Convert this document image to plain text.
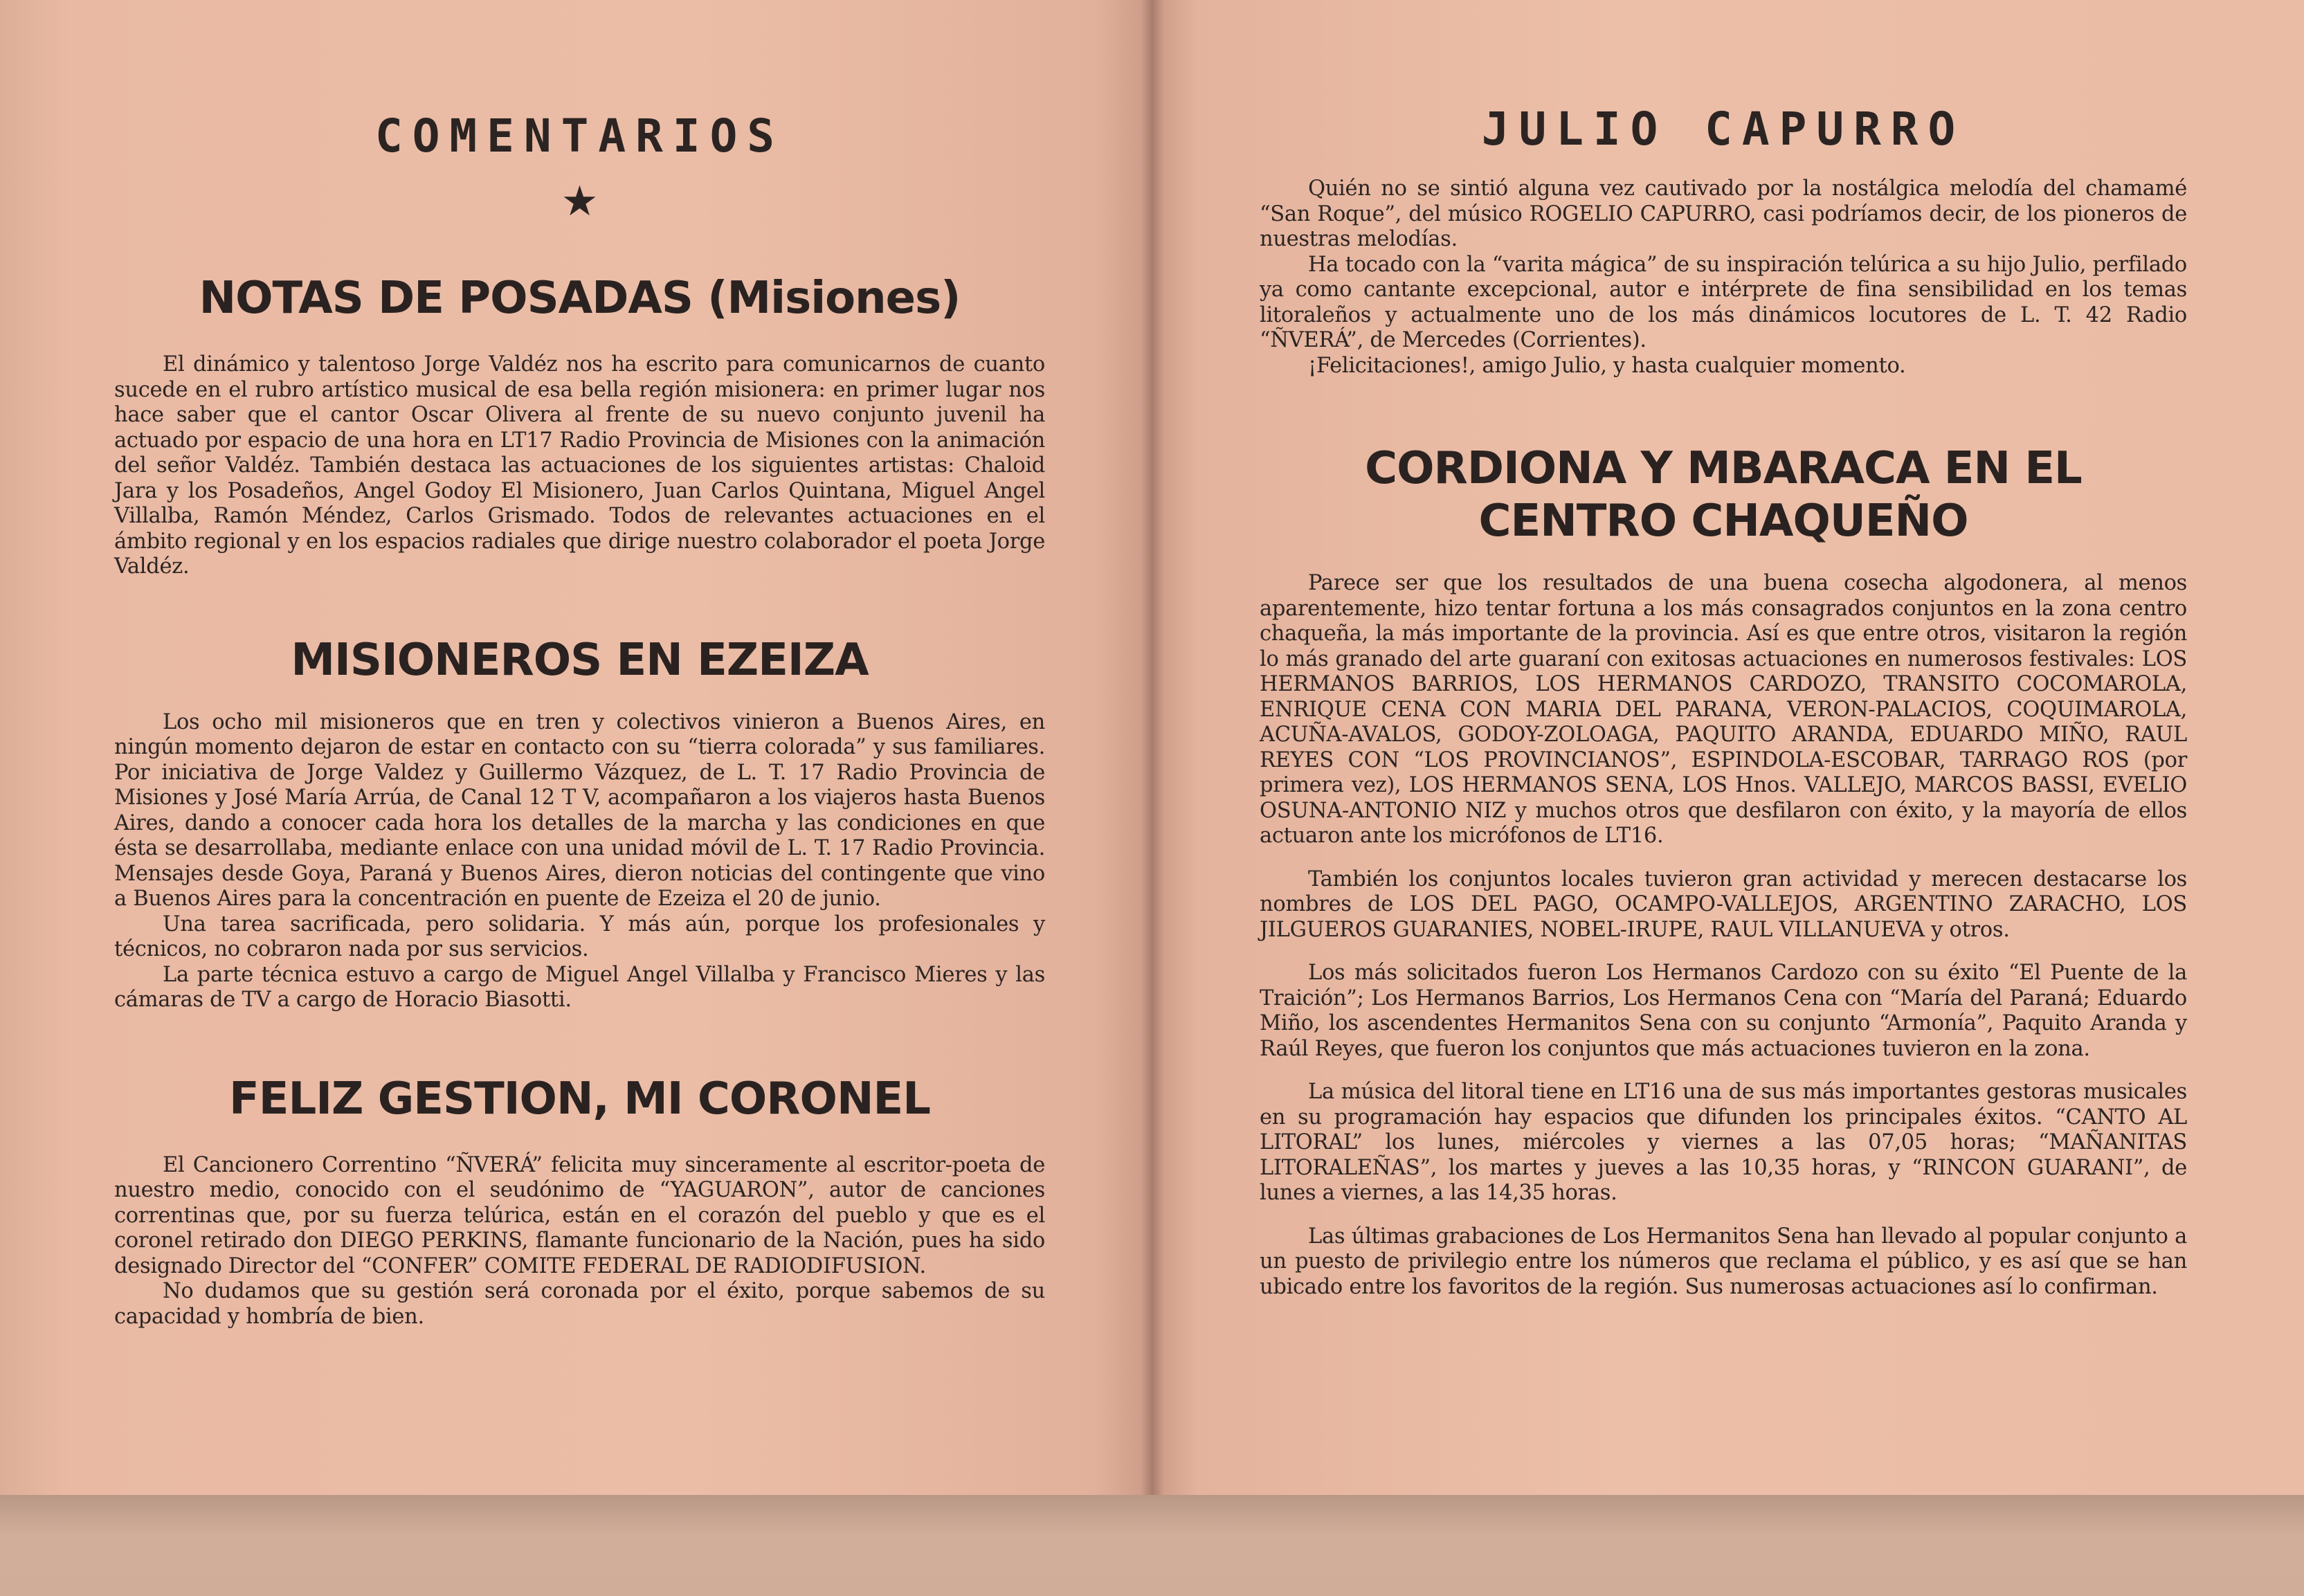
COMENTARIOS
★
NOTAS DE POSADAS (Misiones)

El dinámico y talentoso Jorge Valdéz nos ha escrito para comunicarnos de cuanto sucede en el rubro artístico musical de esa bella región misionera: en primer lugar nos hace saber que el cantor Oscar Olivera al frente de su nuevo conjunto juvenil ha actuado por espacio de una hora en LT17 Radio Provincia de Misiones con la animación del señor Valdéz. También destaca las actuaciones de los siguientes artistas: Chaloid Jara y los Posadeños, Angel Godoy El Misionero, Juan Carlos Quintana, Miguel Angel Villalba, Ramón Méndez, Carlos Grismado. Todos de relevantes actuaciones en el ámbito regional y en los espacios radiales que dirige nuestro colaborador el poeta Jorge Valdéz.

MISIONEROS EN EZEIZA

Los ocho mil misioneros que en tren y colectivos vinieron a Buenos Aires, en ningún momento dejaron de estar en contacto con su “tierra colorada” y sus familiares. Por iniciativa de Jorge Valdez y Guillermo Vázquez, de L. T. 17 Radio Provincia de Misiones y José María Arrúa, de Canal 12 T V, acompañaron a los viajeros hasta Buenos Aires, dando a conocer cada hora los detalles de la marcha y las condiciones en que ésta se desarrollaba, mediante enlace con una unidad móvil de L. T. 17 Radio Provincia. Mensajes desde Goya, Paraná y Buenos Aires, dieron noticias del contingente que vino a Buenos Aires para la concentración en puente de Ezeiza el 20 de junio.

Una tarea sacrificada, pero solidaria. Y más aún, porque los profesionales y técnicos, no cobraron nada por sus servicios.

La parte técnica estuvo a cargo de Miguel Angel Villalba y Francisco Mieres y las cámaras de TV a cargo de Horacio Biasotti.

FELIZ GESTION, MI CORONEL

El Cancionero Correntino “ÑVERÁ” felicita muy sinceramente al escritor-poeta de nuestro medio, conocido con el seudónimo de “YAGUARON”, autor de canciones correntinas que, por su fuerza telúrica, están en el corazón del pueblo y que es el coronel retirado don DIEGO PERKINS, flamante funcionario de la Nación, pues ha sido designado Director del “CONFER” COMITE FEDERAL DE RADIODIFUSION.

No dudamos que su gestión será coronada por el éxito, porque sabemos de su capacidad y hombría de bien.

JULIO CAPURRO

Quién no se sintió alguna vez cautivado por la nostálgica melodía del chamamé “San Roque”, del músico ROGELIO CAPURRO, casi podríamos decir, de los pioneros de nuestras melodías.

Ha tocado con la “varita mágica” de su inspiración telúrica a su hijo Julio, perfilado ya como cantante excepcional, autor e intérprete de fina sensibilidad en los temas litoraleños y actualmente uno de los más dinámicos locutores de L. T. 42 Radio “ÑVERÁ”, de Mercedes (Corrientes).

¡Felicitaciones!, amigo Julio, y hasta cualquier momento.

CORDIONA Y MBARACA EN EL
CENTRO CHAQUEÑO

Parece ser que los resultados de una buena cosecha algodonera, al menos aparentemente, hizo tentar fortuna a los más consagrados conjuntos en la zona centro chaqueña, la más importante de la provincia. Así es que entre otros, visitaron la región lo más granado del arte guaraní con exitosas actuaciones en numerosos festivales: LOS HERMANOS BARRIOS, LOS HERMANOS CARDOZO, TRANSITO COCOMAROLA, ENRIQUE CENA CON MARIA DEL PARANA, VERON-PALACIOS, COQUIMAROLA, ACUÑA-AVALOS, GODOY-ZOLOAGA, PAQUITO ARANDA, EDUARDO MIÑO, RAUL REYES CON “LOS PROVINCIANOS”, ESPINDOLA-ESCOBAR, TARRAGO ROS (por primera vez), LOS HERMANOS SENA, LOS Hnos. VALLEJO, MARCOS BASSI, EVELIO OSUNA-ANTONIO NIZ y muchos otros que desfilaron con éxito, y la mayoría de ellos actuaron ante los micrófonos de LT16.

También los conjuntos locales tuvieron gran actividad y merecen destacarse los nombres de LOS DEL PAGO, OCAMPO-VALLEJOS, ARGENTINO ZARACHO, LOS JILGUEROS GUARANIES, NOBEL-IRUPE, RAUL VILLANUEVA y otros.

Los más solicitados fueron Los Hermanos Cardozo con su éxito “El Puente de la Traición”; Los Hermanos Barrios, Los Hermanos Cena con “María del Paraná; Eduardo Miño, los ascendentes Hermanitos Sena con su conjunto “Armonía”, Paquito Aranda y Raúl Reyes, que fueron los conjuntos que más actuaciones tuvieron en la zona.

La música del litoral tiene en LT16 una de sus más importantes gestoras musicales en su programación hay espacios que difunden los principales éxitos. “CANTO AL LITORAL” los lunes, miércoles y viernes a las 07,05 horas; “MAÑANITAS LITORALEÑAS”, los martes y jueves a las 10,35 horas, y “RINCON GUARANI”, de lunes a viernes, a las 14,35 horas.

Las últimas grabaciones de Los Hermanitos Sena han llevado al popular conjunto a un puesto de privilegio entre los números que reclama el público, y es así que se han ubicado entre los favoritos de la región. Sus numerosas actuaciones así lo confirman.
